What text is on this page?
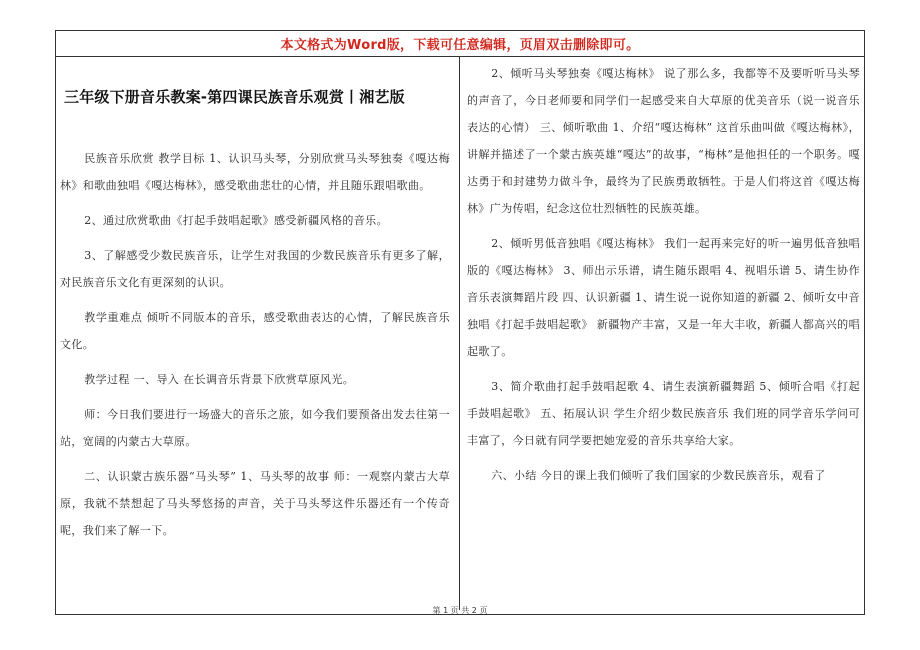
本文格式为Word版，下载可任意编辑，页眉双击删除即可。
三年级下册音乐教案-第四课民族音乐观赏丨湘艺版

民族音乐欣赏 教学目标 1、认识马头琴，分别欣赏马头琴独奏《嘎达梅林》和歌曲独唱《嘎达梅林》，感受歌曲悲壮的心情，并且随乐跟唱歌曲。

2、通过欣赏歌曲《打起手鼓唱起歌》感受新疆风格的音乐。

3、了解感受少数民族音乐，让学生对我国的少数民族音乐有更多了解，对民族音乐文化有更深刻的认识。

教学重难点 倾听不同版本的音乐，感受歌曲表达的心情，了解民族音乐文化。

教学过程 一、导入 在长调音乐背景下欣赏草原风光。

师：今日我们要进行一场盛大的音乐之旅，如今我们要预备出发去往第一站，宽阔的内蒙古大草原。

二、认识蒙古族乐器“马头琴” 1、马头琴的故事 师：一观察内蒙古大草原，我就不禁想起了马头琴悠扬的声音，关于马头琴这件乐器还有一个传奇呢，我们来了解一下。

2、倾听马头琴独奏《嘎达梅林》 说了那么多，我都等不及要听听马头琴的声音了，今日老师要和同学们一起感受来自大草原的优美音乐（说一说音乐表达的心情） 三、倾听歌曲 1、介绍“嘎达梅林” 这首乐曲叫做《嘎达梅林》，讲解并描述了一个蒙古族英雄“嘎达”的故事，“梅林”是他担任的一个职务。嘎达勇于和封建势力做斗争，最终为了民族勇敢牺牲。于是人们将这首《嘎达梅林》广为传唱，纪念这位壮烈牺牲的民族英雄。

2、倾听男低音独唱《嘎达梅林》 我们一起再来完好的听一遍男低音独唱版的《嘎达梅林》 3、师出示乐谱，请生随乐跟唱 4、视唱乐谱 5、请生协作音乐表演舞蹈片段 四、认识新疆 1、请生说一说你知道的新疆 2、倾听女中音独唱《打起手鼓唱起歌》 新疆物产丰富，又是一年大丰收，新疆人都高兴的唱起歌了。

3、简介歌曲打起手鼓唱起歌 4、请生表演新疆舞蹈 5、倾听合唱《打起手鼓唱起歌》 五、拓展认识 学生介绍少数民族音乐 我们班的同学音乐学问可丰富了，今日就有同学要把她宠爱的音乐共享给大家。

六、小结 今日的课上我们倾听了我们国家的少数民族音乐，观看了

第 1 页 共 2 页
